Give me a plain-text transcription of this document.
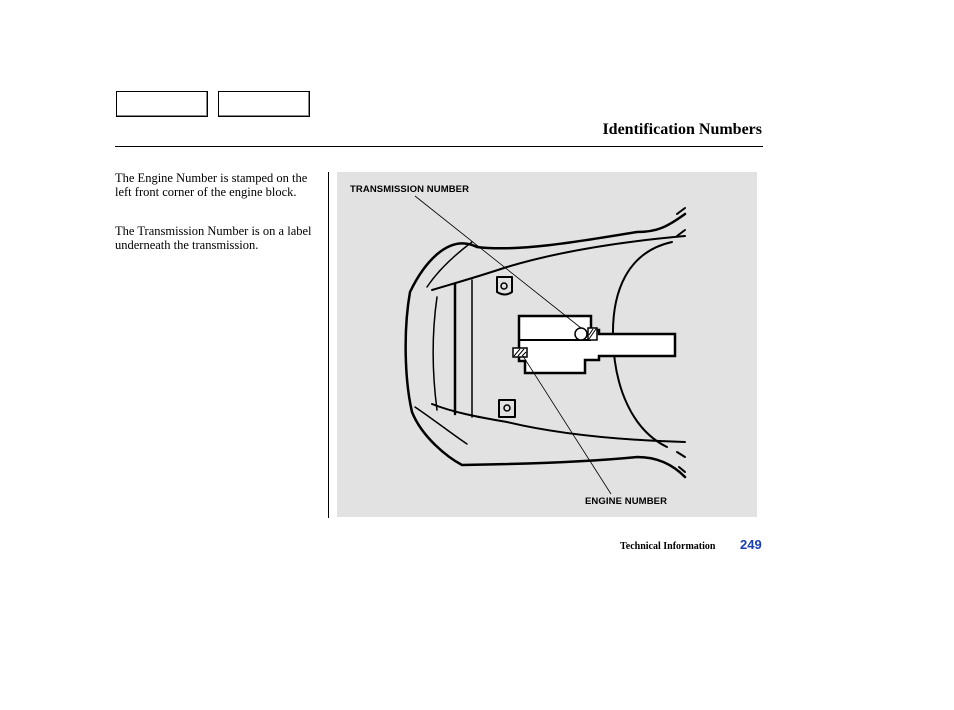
Identification Numbers
The Engine Number is stamped on the left front corner of the engine block.
The Transmission Number is on a label underneath the transmission.
TRANSMISSION NUMBER
ENGINE NUMBER
Technical Information 249
